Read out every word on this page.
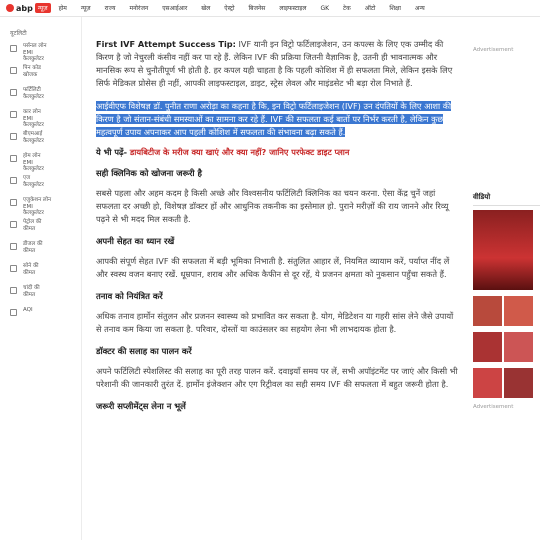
abp न्यूज़	होम न्यूज़ राज्य मनोरंजन एसआईआर खेल ऐस्ट्रो बिजनेस लाइफस्टाइल GK टेक ऑटो शिक्षा अन्य
यूटलिटी
पर्सनल लोन
EMI
कैलकुलेटर
पिन कोड
खोजक
फर्टिलिटी
कैलकुलेटर
कार लोन
EMI
कैलकुलेटर
बीएमआई
कैलकुलेटर
होम लोन
EMI
कैलकुलेटर
एज
कैलकुलेटर
एजुकेशन लोन
EMI
कैलकुलेटर
पेट्रोल की
कीमत
डीजल की
कीमत
सोने की
कीमत
चांदी की
कीमत
AQI

First IVF Attempt Success Tip: IVF यानी इन विट्रो फर्टिलाइजेशन, उन कपल्स के लिए एक उम्मीद की किरण है जो नेचुरली कंसीव नहीं कर पा रहे हैं. लेकिन IVF की प्रक्रिया जितनी वैज्ञानिक है, उतनी ही भावनात्मक और मानसिक रूप से चुनौतीपूर्ण भी होती है. हर कपल यही चाहता है कि पहली कोशिश में ही सफलता मिले, लेकिन इसके लिए सिर्फ मेडिकल प्रोसेस ही नहीं, आपकी लाइफस्टाइल, डाइट, स्ट्रेस लेवल और माइंडसेट भी बड़ा रोल निभाते हैं.

आईवीएफ विशेषज्ञ डॉ. पुनीत राणा अरोड़ा का कहना है कि, इन विट्रो फर्टिलाइजेशन (IVF) उन दंपतियों के लिए आशा की किरण है जो संतान-संबंधी समस्याओं का सामना कर रहे हैं. IVF की सफलता कई बातों पर निर्भर करती है, लेकिन कुछ महत्वपूर्ण उपाय अपनाकर आप पहली कोशिश में सफलता की संभावना बढ़ा सकते हैं.

ये भी पढ़ें- डायबिटीज के मरीज क्या खाएं और क्या नहीं? जानिए परफेक्ट डाइट प्लान
सही क्लिनिक को खोजना जरूरी है

सबसे पहला और अहम कदम है किसी अच्छे और विश्वसनीय फर्टिलिटी क्लिनिक का चयन करना. ऐसा केंद्र चुनें जहां सफलता दर अच्छी हो, विशेषज्ञ डॉक्टर हों और आधुनिक तकनीक का इस्तेमाल हो. पुराने मरीज़ों की राय जानने और रिव्यू पढ़ने से भी मदद मिल सकती है.

अपनी सेहत का ध्यान रखें

आपकी संपूर्ण सेहत IVF की सफलता में बड़ी भूमिका निभाती है. संतुलित आहार लें, नियमित व्यायाम करें, पर्याप्त नींद लें और स्वस्थ वजन बनाए रखें. धूम्रपान, शराब और अधिक कैफीन से दूर रहें, ये प्रजनन क्षमता को नुकसान पहुँचा सकते हैं.

तनाव को नियंत्रित करें

अधिक तनाव हार्मोन संतुलन और प्रजनन स्वास्थ्य को प्रभावित कर सकता है. योग, मेडिटेशन या गहरी सांस लेने जैसे उपायों से तनाव कम किया जा सकता है. परिवार, दोस्तों या काउंसलर का सहयोग लेना भी लाभदायक होता है.

डॉक्टर की सलाह का पालन करें

अपने फर्टिलिटी स्पेशलिस्ट की सलाह का पूरी तरह पालन करें. दवाइयाँ समय पर लें, सभी अपॉइंटमेंट पर जाएं और किसी भी परेशानी की जानकारी तुरंत दें. हार्मोन इंजेक्शन और एग रिट्रीवल का सही समय IVF की सफलता में बहुत जरूरी होता है.

जरूरी सप्लीमेंट्स लेना न भूलें
Advertisement
वीडियो
Advertisement
